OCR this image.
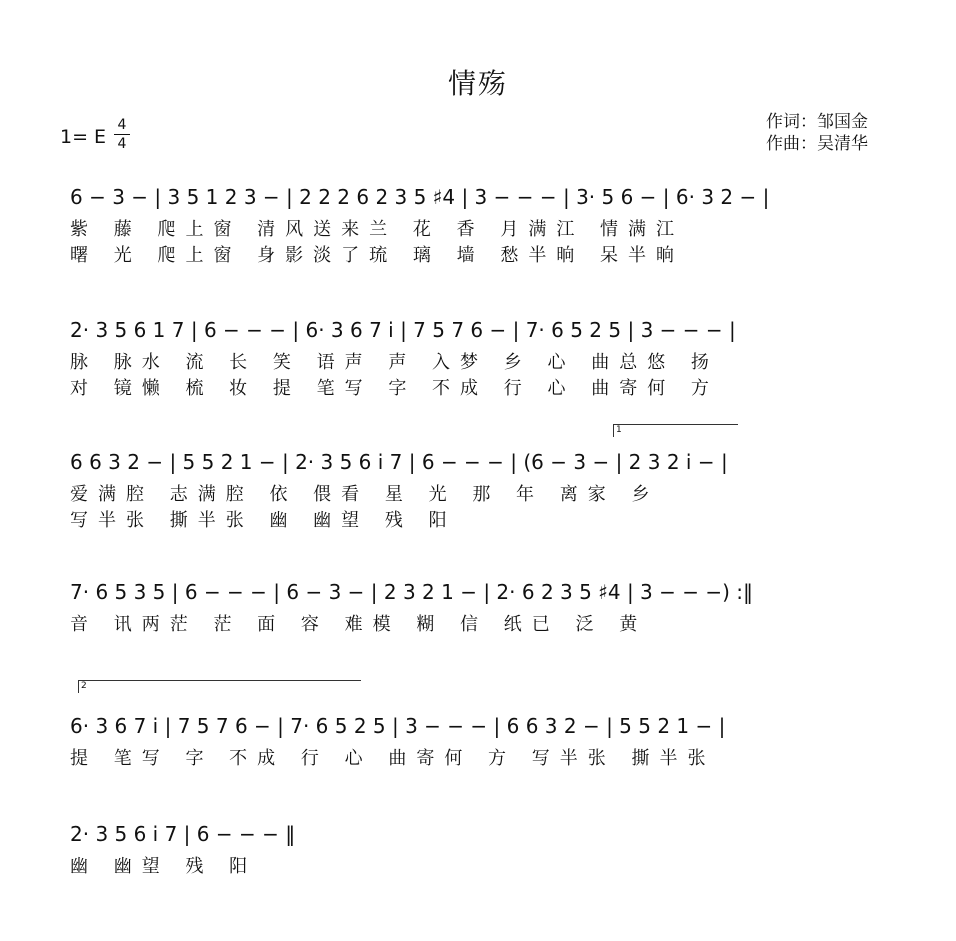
情殇
作词：邹国金
作曲：吴清华
1= E
4
4
6 − 3 − | 3 5 1 2 3 − | 2 2 2 6 2 3 5 ♯4 | 3 − − − | 3· 5 6 − | 6· 3 2 − |
紫 藤 爬上窗 清风送来兰 花 香 月满江 情满江
曙 光 爬上窗 身影淡了琉 璃 墙 愁半晌 呆半晌
2· 3 5 6 1 7 | 6 − − − | 6· 3 6 7 i | 7 5 7 6 − | 7· 6 5 2 5 | 3 − − − |
脉 脉水 流 长 笑 语声 声 入梦 乡 心 曲总悠 扬
对 镜懒 梳 妆 提 笔写 字 不成 行 心 曲寄何 方
1
6 6 3 2 − | 5 5 2 1 − | 2· 3 5 6 i 7 | 6 − − − | (6 − 3 − | 2 3 2 i − |
爱满腔 志满腔 依 偎看 星 光 那 年 离家 乡
写半张 撕半张 幽 幽望 残 阳
7· 6 5 3 5 | 6 − − − | 6 − 3 − | 2 3 2 1 − | 2· 6 2 3 5 ♯4 | 3 − − −) :‖
音 讯两茫 茫 面 容 难模 糊 信 纸已 泛 黄
2
6· 3 6 7 i | 7 5 7 6 − | 7· 6 5 2 5 | 3 − − − | 6 6 3 2 − | 5 5 2 1 − |
提 笔写 字 不成 行 心 曲寄何 方 写半张 撕半张
2· 3 5 6 i 7 | 6 − − − ‖
幽 幽望 残 阳
